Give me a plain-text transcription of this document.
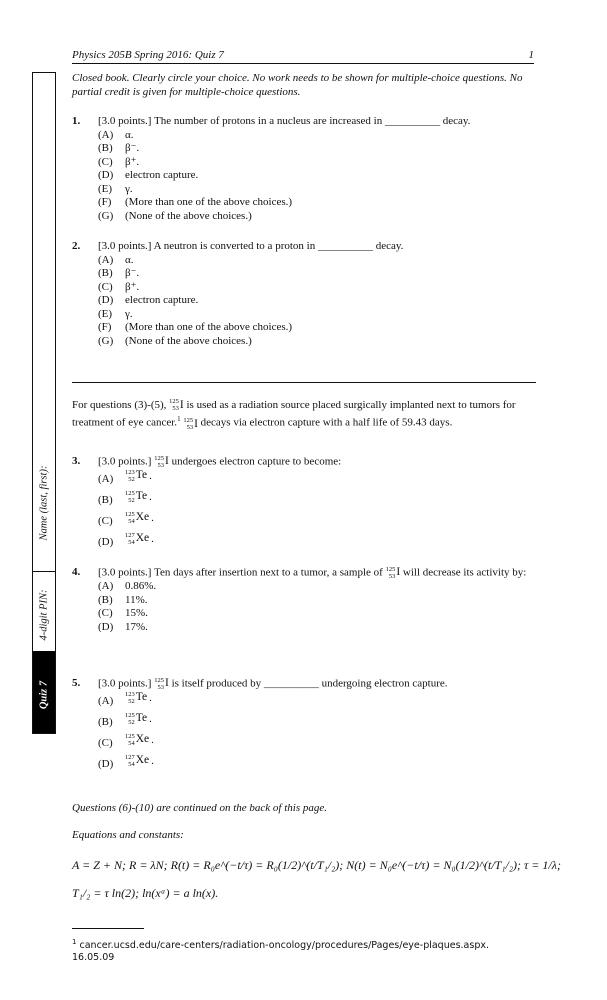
Physics 205B Spring 2016: Quiz 7	1
Name (last, first):
4-digit PIN:
Quiz 7
Closed book. Clearly circle your choice. No work needs to be shown for multiple-choice questions. No partial credit is given for multiple-choice questions.
1. [3.0 points.] The number of protons in a nucleus are increased in __________ decay.
(A) α.
(B) β⁻.
(C) β⁺.
(D) electron capture.
(E) γ.
(F) (More than one of the above choices.)
(G) (None of the above choices.)
2. [3.0 points.] A neutron is converted to a proton in __________ decay.
(A) α.
(B) β⁻.
(C) β⁺.
(D) electron capture.
(E) γ.
(F) (More than one of the above choices.)
(G) (None of the above choices.)
For questions (3)-(5), 125
53 I is used as a radiation source placed surgically implanted next to tumors for treatment of eye cancer.$^1$ 125
53 I decays via electron capture with a half life of 59.43 days.
3. [3.0 points.] 125
53 I undergoes electron capture to become:
(A)
123
52 Te .
(B)
125
52 Te .
(C)
125
54 Xe .
(D)
127
54 Xe .
4. [3.0 points.] Ten days after insertion next to a tumor, a sample of 125
53 I will decrease its activity by:
(A) 0.86%.
(B) 11%.
(C) 15%.
(D) 17%.
5. [3.0 points.] 125
53 I is itself produced by __________ undergoing electron capture.
(A)
123
52 Te .
(B)
125
52 Te .
(C)
125
54 Xe .
(D)
127
54 Xe .
Questions (6)-(10) are continued on the back of this page.
Equations and constants:
A = Z + N; R = λN; R(t) = R₀e^(−t/τ) = R₀(1/2)^(t/T₁/₂); N(t) = N₀e^(−t/τ) = N₀(1/2)^(t/T₁/₂); τ = 1/λ;
T₁/₂ = τ ln(2); ln(xᵃ) = a ln(x).
$^1$ cancer.ucsd.edu/care-centers/radiation-oncology/procedures/Pages/eye-plaques.aspx.
16.05.09
